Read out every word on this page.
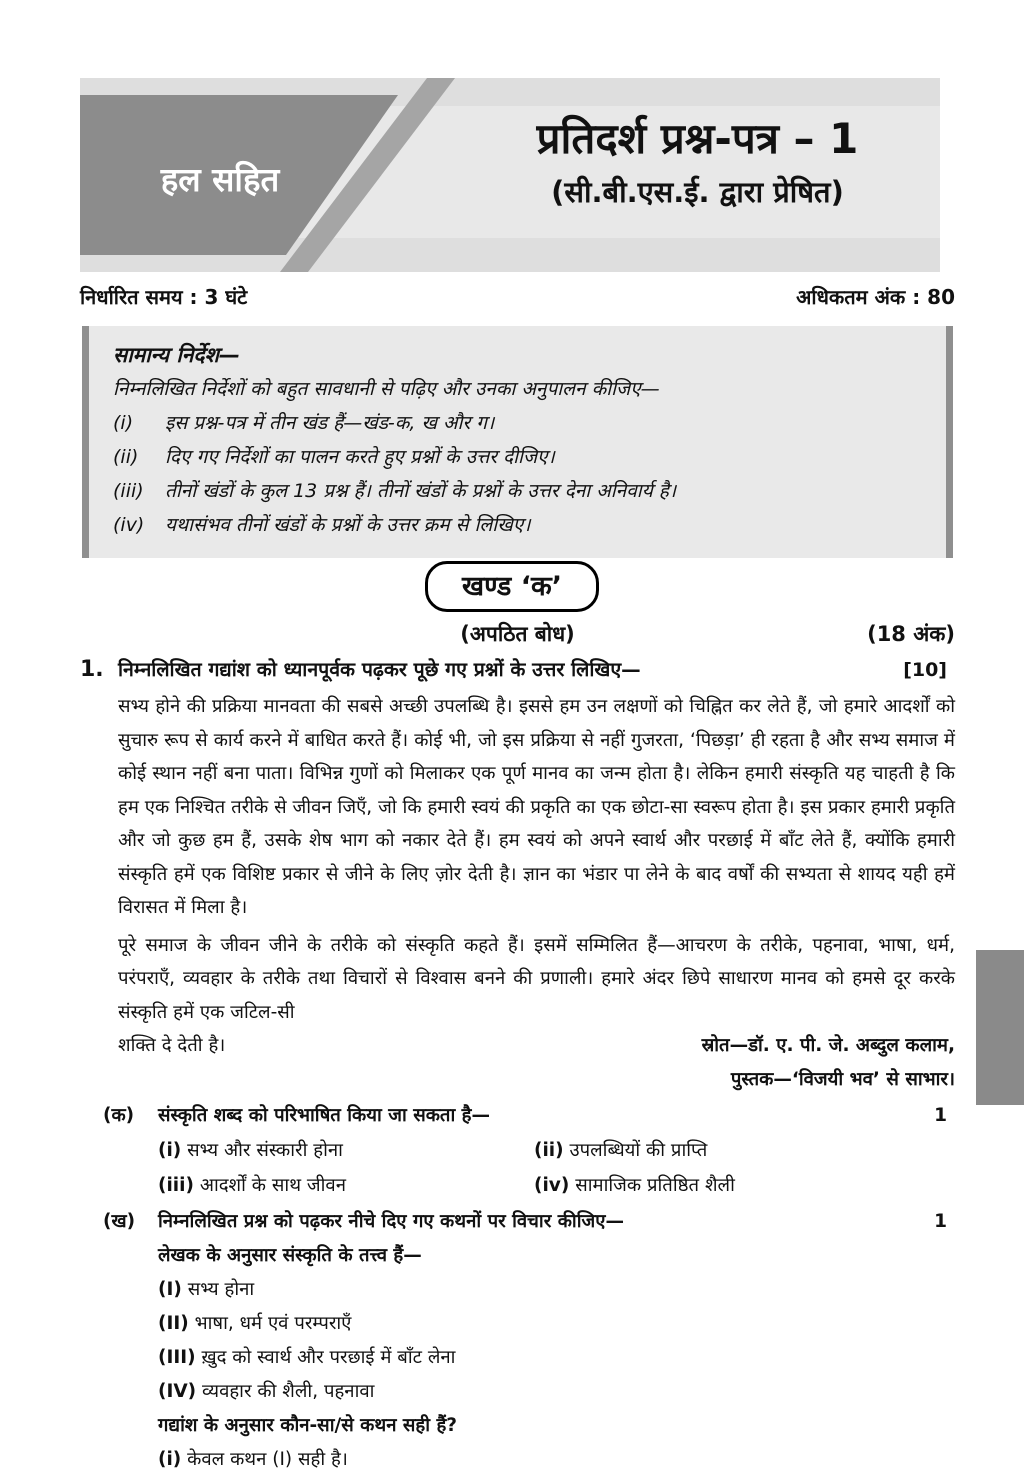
हल सहित
प्रतिदर्श प्रश्न-पत्र – 1
(सी.बी.एस.ई. द्वारा प्रेषित)
निर्धारित समय : 3 घंटे	अधिकतम अंक : 80
सामान्य निर्देश—
निम्नलिखित निर्देशों को बहुत सावधानी से पढ़िए और उनका अनुपालन कीजिए—
(i)	इस प्रश्न-पत्र में तीन खंड हैं—खंड-क, ख और ग।
(ii)	दिए गए निर्देशों का पालन करते हुए प्रश्नों के उत्तर दीजिए।
(iii)	तीनों खंडों के कुल 13 प्रश्न हैं। तीनों खंडों के प्रश्नों के उत्तर देना अनिवार्य है।
(iv)	यथासंभव तीनों खंडों के प्रश्नों के उत्तर क्रम से लिखिए।
खण्ड ‘क’
(अपठित बोध)	(18 अंक)
1. निम्नलिखित गद्यांश को ध्यानपूर्वक पढ़कर पूछे गए प्रश्नों के उत्तर लिखिए—	[10]
सभ्य होने की प्रक्रिया मानवता की सबसे अच्छी उपलब्धि है। इससे हम उन लक्षणों को चिह्नित कर लेते हैं, जो हमारे आदर्शों को सुचारु रूप से कार्य करने में बाधित करते हैं। कोई भी, जो इस प्रक्रिया से नहीं गुजरता, ‘पिछड़ा’ ही रहता है और सभ्य समाज में कोई स्थान नहीं बना पाता। विभिन्न गुणों को मिलाकर एक पूर्ण मानव का जन्म होता है। लेकिन हमारी संस्कृति यह चाहती है कि हम एक निश्चित तरीके से जीवन जिएँ, जो कि हमारी स्वयं की प्रकृति का एक छोटा-सा स्वरूप होता है। इस प्रकार हमारी प्रकृति और जो कुछ हम हैं, उसके शेष भाग को नकार देते हैं। हम स्वयं को अपने स्वार्थ और परछाई में बाँट लेते हैं, क्योंकि हमारी संस्कृति हमें एक विशिष्ट प्रकार से जीने के लिए ज़ोर देती है। ज्ञान का भंडार पा लेने के बाद वर्षों की सभ्यता से शायद यही हमें विरासत में मिला है।
पूरे समाज के जीवन जीने के तरीके को संस्कृति कहते हैं। इसमें सम्मिलित हैं—आचरण के तरीके, पहनावा, भाषा, धर्म, परंपराएँ, व्यवहार के तरीके तथा विचारों से विश्वास बनने की प्रणाली। हमारे अंदर छिपे साधारण मानव को हमसे दूर करके संस्कृति हमें एक जटिल-सी
शक्ति दे देती है।	स्रोत—डॉ. ए. पी. जे. अब्दुल कलाम,
पुस्तक—‘विजयी भव’ से साभार।
(क)	संस्कृति शब्द को परिभाषित किया जा सकता है—	1
(i) सभ्य और संस्कारी होना	(ii) उपलब्धियों की प्राप्ति
(iii) आदर्शों के साथ जीवन	(iv) सामाजिक प्रतिष्ठित शैली
(ख)	निम्नलिखित प्रश्न को पढ़कर नीचे दिए गए कथनों पर विचार कीजिए—	1
लेखक के अनुसार संस्कृति के तत्त्व हैं—
(I) सभ्य होना
(II) भाषा, धर्म एवं परम्पराएँ
(III) ख़ुद को स्वार्थ और परछाई में बाँट लेना
(IV) व्यवहार की शैली, पहनावा
गद्यांश के अनुसार कौन-सा/से कथन सही हैं?
(i) केवल कथन (I) सही है।
